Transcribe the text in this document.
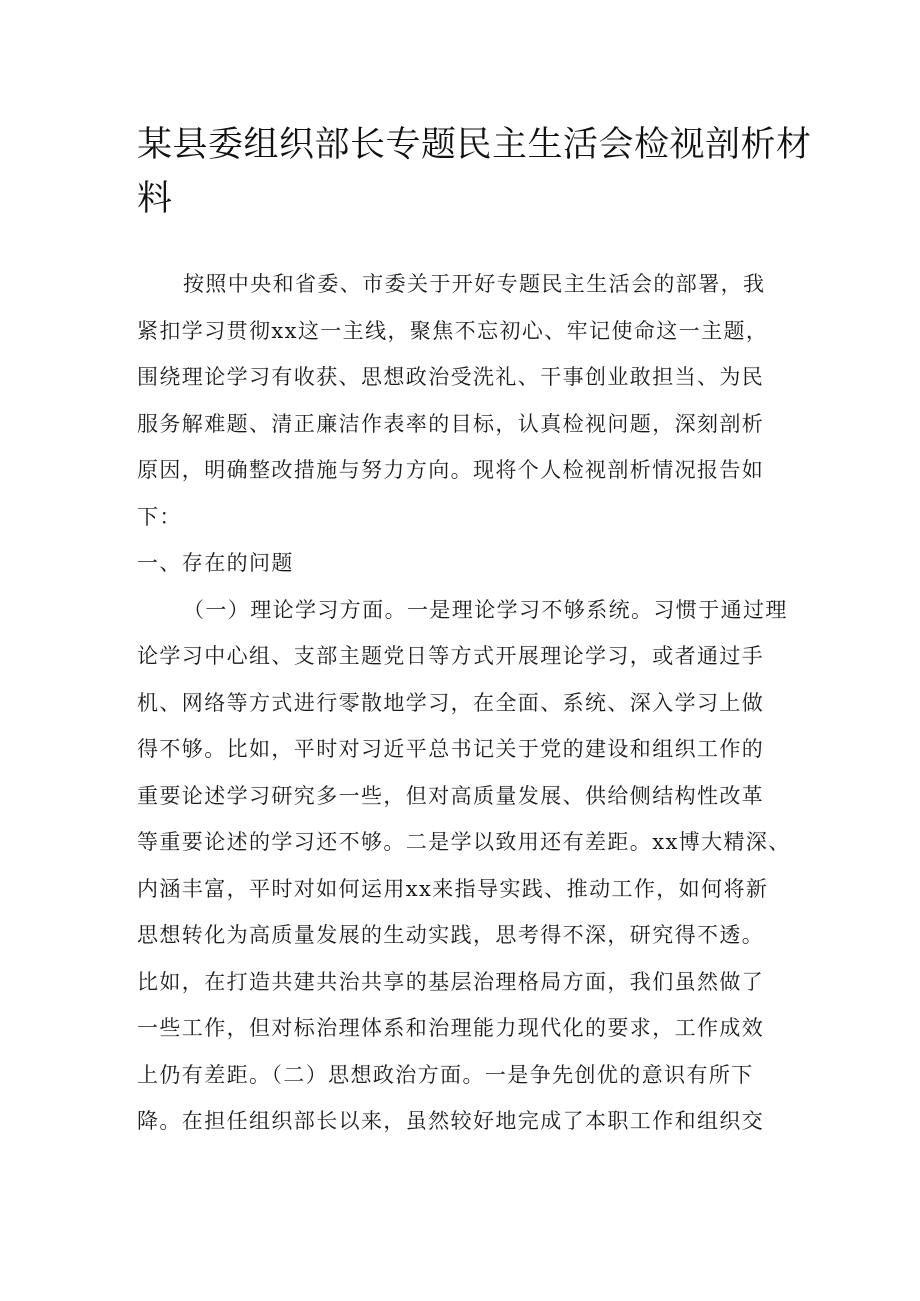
某县委组织部长专题民主生活会检视剖析材料
按照中央和省委、市委关于开好专题民主生活会的部署，我
紧扣学习贯彻xx这一主线，聚焦不忘初心、牢记使命这一主题，
围绕理论学习有收获、思想政治受洗礼、干事创业敢担当、为民
服务解难题、清正廉洁作表率的目标，认真检视问题，深刻剖析
原因，明确整改措施与努力方向。现将个人检视剖析情况报告如
下：
一、存在的问题
（一）理论学习方面。一是理论学习不够系统。习惯于通过理
论学习中心组、支部主题党日等方式开展理论学习，或者通过手
机、网络等方式进行零散地学习，在全面、系统、深入学习上做
得不够。比如，平时对习近平总书记关于党的建设和组织工作的
重要论述学习研究多一些，但对高质量发展、供给侧结构性改革
等重要论述的学习还不够。二是学以致用还有差距。xx博大精深、
内涵丰富，平时对如何运用xx来指导实践、推动工作，如何将新
思想转化为高质量发展的生动实践，思考得不深，研究得不透。
比如，在打造共建共治共享的基层治理格局方面，我们虽然做了
一些工作，但对标治理体系和治理能力现代化的要求，工作成效
上仍有差距。（二）思想政治方面。一是争先创优的意识有所下
降。在担任组织部长以来，虽然较好地完成了本职工作和组织交
